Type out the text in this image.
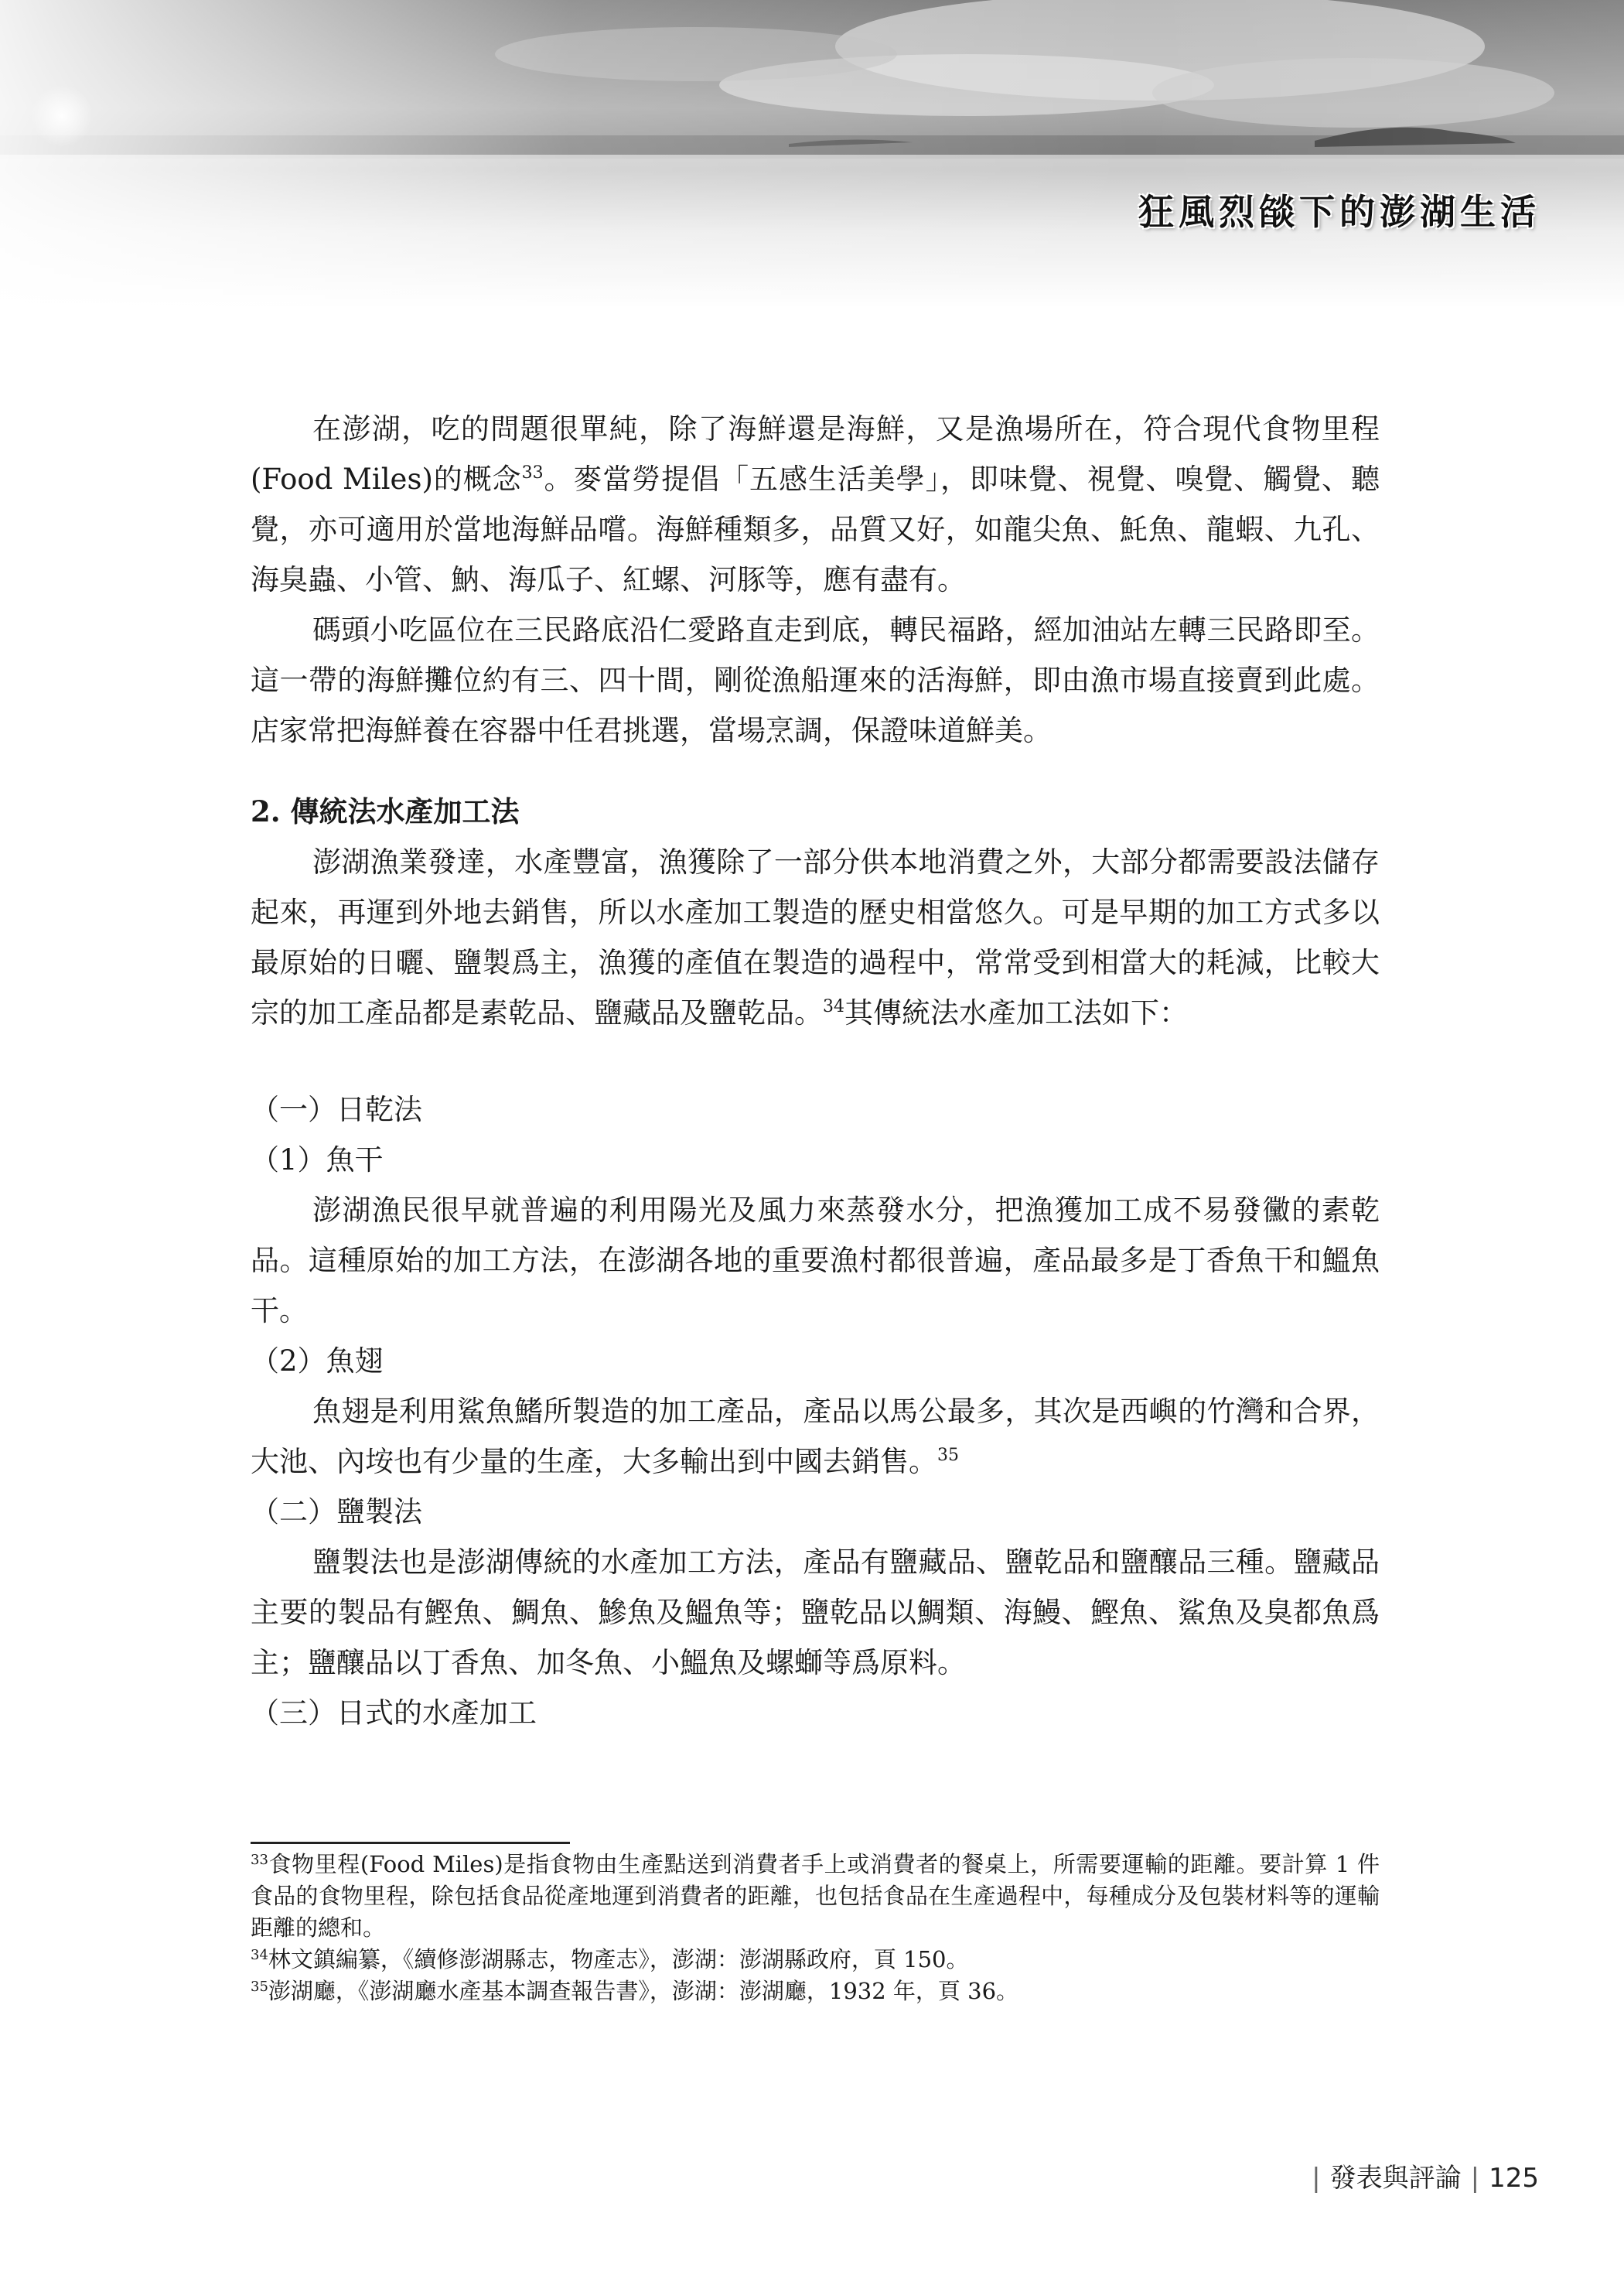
狂風烈燄下的澎湖生活

在澎湖，吃的問題很單純，除了海鮮還是海鮮，又是漁場所在，符合現代食物里程(Food Miles)的概念$^{33}$。麥當勞提倡「五感生活美學」，即味覺、視覺、嗅覺、觸覺、聽覺，亦可適用於當地海鮮品嚐。海鮮種類多，品質又好，如龍尖魚、魠魚、龍蝦、九孔、海臭蟲、小管、魶、海瓜子、紅螺、河豚等，應有盡有。

碼頭小吃區位在三民路底沿仁愛路直走到底，轉民福路，經加油站左轉三民路即至。這一帶的海鮮攤位約有三、四十間，剛從漁船運來的活海鮮，即由漁市場直接賣到此處。店家常把海鮮養在容器中任君挑選，當場烹調，保證味道鮮美。

2. 傳統法水產加工法

澎湖漁業發達，水產豐富，漁獲除了一部分供本地消費之外，大部分都需要設法儲存起來，再運到外地去銷售，所以水產加工製造的歷史相當悠久。可是早期的加工方式多以最原始的日曬、鹽製爲主，漁獲的產值在製造的過程中，常常受到相當大的耗減，比較大宗的加工產品都是素乾品、鹽藏品及鹽乾品。$^{34}$其傳統法水產加工法如下：

（一）日乾法

（1）魚干

澎湖漁民很早就普遍的利用陽光及風力來蒸發水分，把漁獲加工成不易發黴的素乾品。這種原始的加工方法，在澎湖各地的重要漁村都很普遍，產品最多是丁香魚干和鰮魚干。

（2）魚翅

魚翅是利用鯊魚鰭所製造的加工產品，產品以馬公最多，其次是西嶼的竹灣和合界，大池、內垵也有少量的生產，大多輸出到中國去銷售。$^{35}$

（二）鹽製法

鹽製法也是澎湖傳統的水產加工方法，產品有鹽藏品、鹽乾品和鹽釀品三種。鹽藏品主要的製品有鰹魚、鯛魚、鰺魚及鰮魚等；鹽乾品以鯛類、海鰻、鰹魚、鯊魚及臭都魚爲主；鹽釀品以丁香魚、加冬魚、小鰮魚及螺螄等爲原料。

（三）日式的水產加工

$^{33}$食物里程(Food Miles)是指食物由生產點送到消費者手上或消費者的餐桌上，所需要運輸的距離。要計算 1 件食品的食物里程，除包括食品從產地運到消費者的距離，也包括食品在生產過程中，每種成分及包裝材料等的運輸距離的總和。

$^{34}$林文鎮編纂，《續修澎湖縣志，物產志》，澎湖：澎湖縣政府，頁 150。

$^{35}$澎湖廳，《澎湖廳水產基本調查報告書》，澎湖：澎湖廳，1932 年，頁 36。

| 發表與評論 | 125
